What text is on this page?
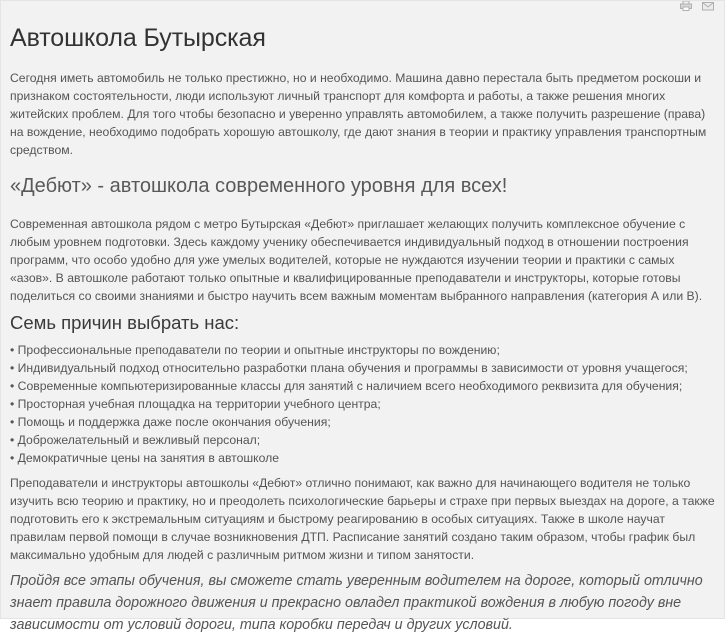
Автошкола Бутырская

Сегодня иметь автомобиль не только престижно, но и необходимо. Машина давно перестала быть предметом роскоши и признаком состоятельности, люди используют личный транспорт для комфорта и работы, а также решения многих житейских проблем. Для того чтобы безопасно и уверенно управлять автомобилем, а также получить разрешение (права) на вождение, необходимо подобрать хорошую автошколу, где дают знания в теории и практику управления транспортным средством.

«Дебют» - автошкола современного уровня для всех!

Современная автошкола рядом с метро Бутырская «Дебют» приглашает желающих получить комплексное обучение с любым уровнем подготовки. Здесь каждому ученику обеспечивается индивидуальный подход в отношении построения программ, что особо удобно для уже умелых водителей, которые не нуждаются изучении теории и практики с самых «азов». В автошколе работают только опытные и квалифицированные преподаватели и инструкторы, которые готовы поделиться со своими знаниями и быстро научить всем важным моментам выбранного направления (категория А или В).

Семь причин выбрать нас:
• Профессиональные преподаватели по теории и опытные инструкторы по вождению;
• Индивидуальный подход относительно разработки плана обучения и программы в зависимости от уровня учащегося;
• Современные компьютеризированные классы для занятий с наличием всего необходимого реквизита для обучения;
• Просторная учебная площадка на территории учебного центра;
• Помощь и поддержка даже после окончания обучения;
• Доброжелательный и вежливый персонал;
• Демократичные цены на занятия в автошколе

Преподаватели и инструкторы автошколы «Дебют» отлично понимают, как важно для начинающего водителя не только изучить всю теорию и практику, но и преодолеть психологические барьеры и страхе при первых выездах на дороге, а также подготовить его к экстремальным ситуациям и быстрому реагированию в особых ситуациях. Также в школе научат правилам первой помощи в случае возникновения ДТП. Расписание занятий создано таким образом, чтобы график был максимально удобным для людей с различным ритмом жизни и типом занятости.

Пройдя все этапы обучения, вы сможете стать уверенным водителем на дороге, который отлично знает правила дорожного движения и прекрасно овладел практикой вождения в любую погоду вне зависимости от условий дороги, типа коробки передач и других условий.
